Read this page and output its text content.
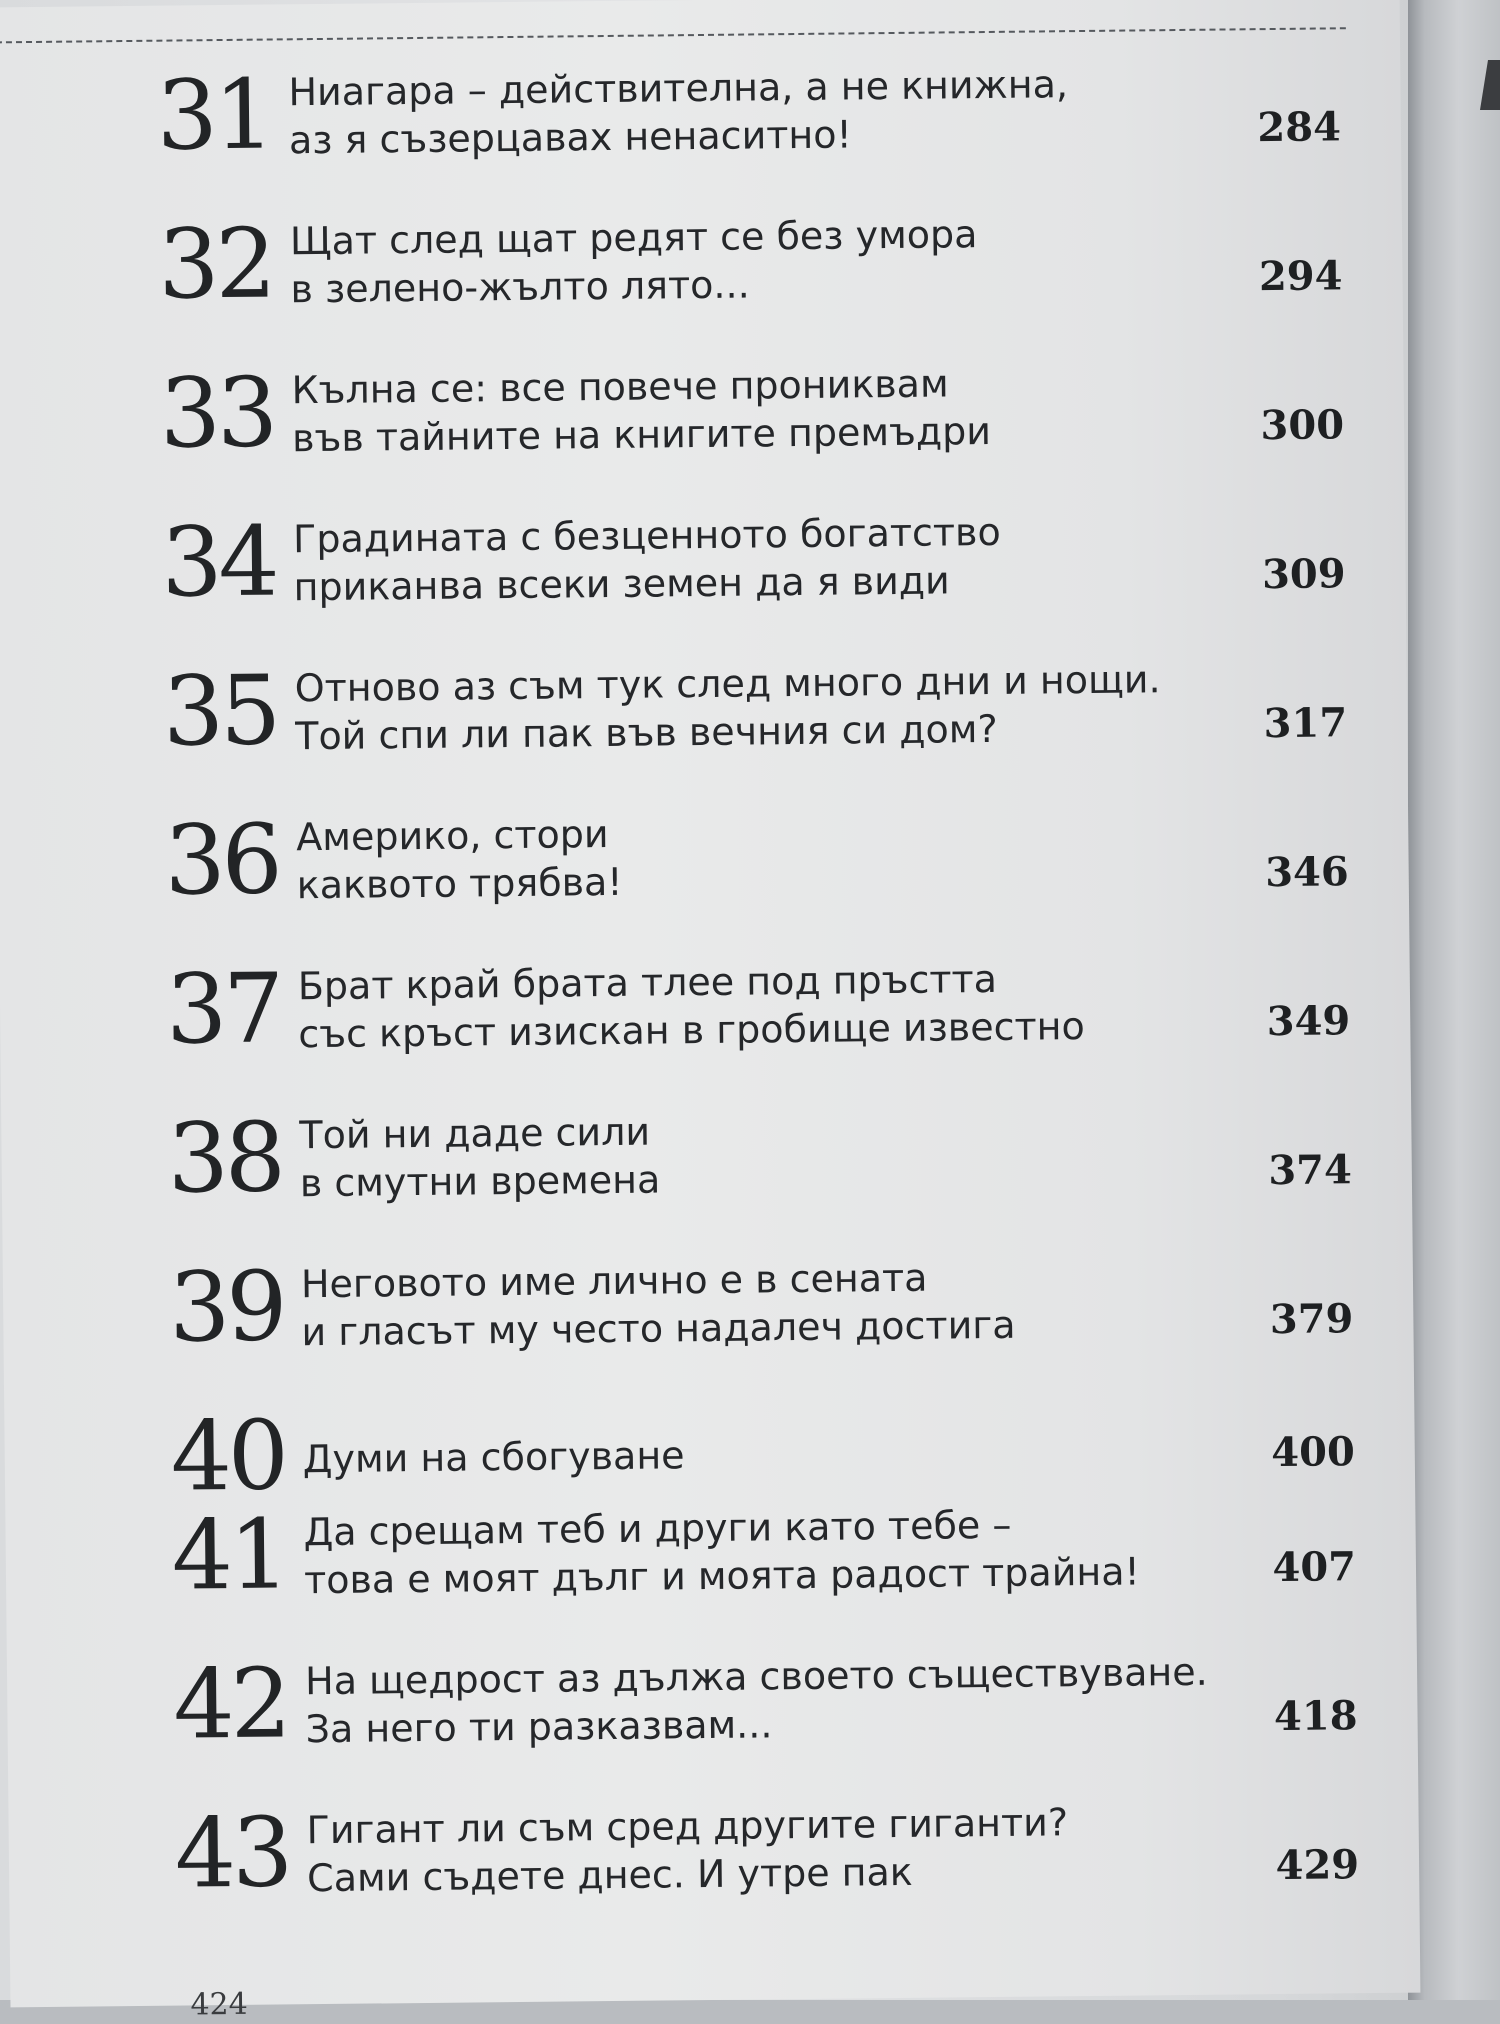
31 Ниагара – действителна, а не книжна,
аз я съзерцавах ненаситно!	284
32 Щат след щат редят се без умора
в зелено-жълто лято...	294
33 Кълна се: все повече прониквам
във тайните на книгите премъдри	300
34 Градината с безценното богатство
приканва всеки земен да я види	309
35 Отново аз съм тук след много дни и нощи.
Той спи ли пак във вечния си дом?	317
36 Америко, стори
каквото трябва!	346
37 Брат край брата тлее под пръстта
със кръст изискан в гробище известно	349
38 Той ни даде сили
в смутни времена	374
39 Неговото име лично е в сената
и гласът му често надалеч достига	379
40 Думи на сбогуване	400
41 Да срещам теб и други като тебе –
това е моят дълг и моята радост трайна!	407
42 На щедрост аз дължа своето съществуване.
За него ти разказвам...	418
43 Гигант ли съм сред другите гиганти?
Сами съдете днес. И утре пак	429
424
